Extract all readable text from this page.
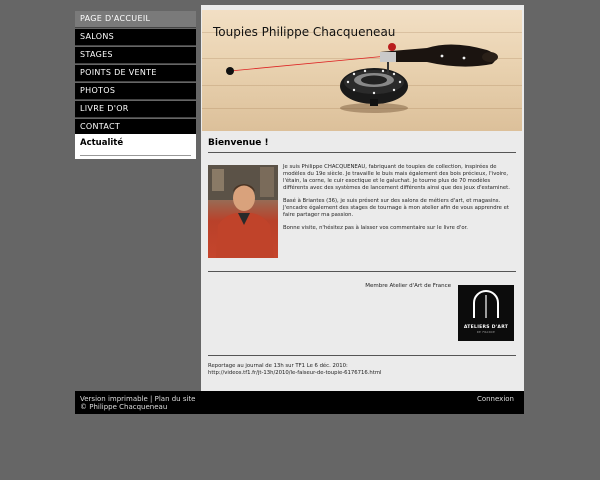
PAGE D'ACCUEIL
SALONS
STAGES
POINTS DE VENTE
PHOTOS
LIVRE D'OR
CONTACT
Actualité
Toupies Philippe Chacqueneau
Bienvenue !

Je suis Philippe CHACQUENEAU, fabriquant de toupies de collection, inspirées de modèles du 19e siècle. Je travaille le buis mais également des bois précieux, l'ivoire, l'étain, la corne, le cuir exoctique et le galuchat. Je tourne plus de 70 modèles différents avec des systèmes de lancement différents ainsi que des jeux d'estaminet.

Basé à Briantes (36), je suis présent sur des salons de métiers d'art, et magasins. J'encadre également des stages de tournage à mon atelier afin de vous apprendre et faire partager ma passion.

Bonne visite, n'hésitez pas à laisser vos commentaire sur le livre d'or.

Membre Atelier d'Art de France
ATELIERS D'ART
DE FRANCE
Reportage au journal de 13h sur TF1 Le 6 déc. 2010:
http://videos.tf1.fr/jt-13h/2010/le-faiseur-de-toupie-6176716.html
Version imprimable | Plan du site
© Philippe Chacqueneau
Connexion
